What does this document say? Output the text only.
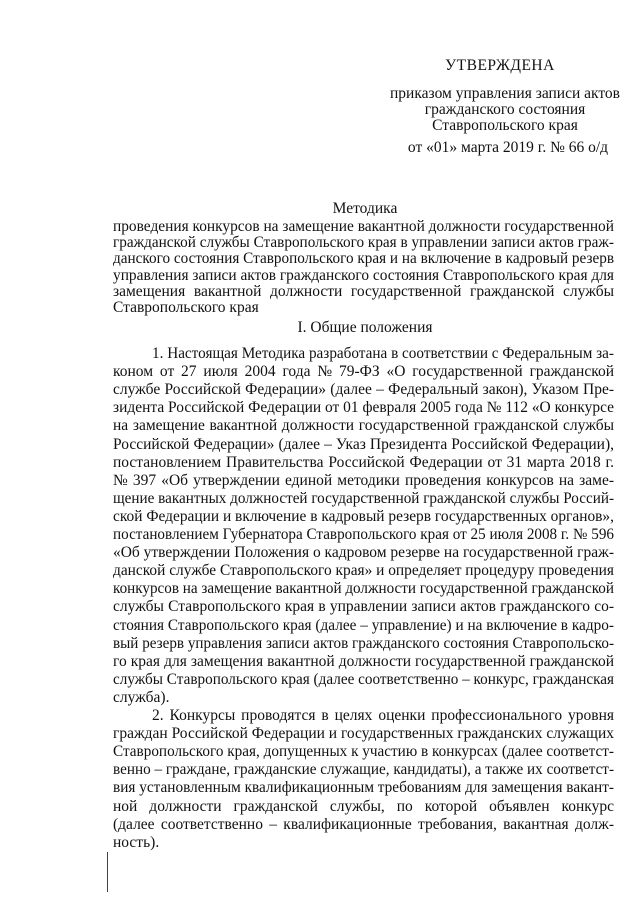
УТВЕРЖДЕНА
приказом управления записи актов
гражданского состояния
Ставропольского края
от «01» марта 2019 г. № 66 о/д
Методика
проведения конкурсов на замещение вакантной должности государственной
гражданской службы Ставропольского края в управлении записи актов граж-
данского состояния Ставропольского края и на включение в кадровый резерв
управления записи актов гражданского состояния Ставропольского края для
замещения вакантной должности государственной гражданской службы
Ставропольского края
I. Общие положения
1. Настоящая Методика разработана в соответствии с Федеральным за-
коном от 27 июля 2004 года № 79-ФЗ «О государственной гражданской
службе Российской Федерации» (далее – Федеральный закон), Указом Пре-
зидента Российской Федерации от 01 февраля 2005 года № 112 «О конкурсе
на замещение вакантной должности государственной гражданской службы
Российской Федерации» (далее – Указ Президента Российской Федерации),
постановлением Правительства Российской Федерации от 31 марта 2018 г.
№ 397 «Об утверждении единой методики проведения конкурсов на заме-
щение вакантных должностей государственной гражданской службы Россий-
ской Федерации и включение в кадровый резерв государственных органов»,
постановлением Губернатора Ставропольского края от 25 июля 2008 г. № 596
«Об утверждении Положения о кадровом резерве на государственной граж-
данской службе Ставропольского края» и определяет процедуру проведения
конкурсов на замещение вакантной должности государственной гражданской
службы Ставропольского края в управлении записи актов гражданского со-
стояния Ставропольского края (далее – управление) и на включение в кадро-
вый резерв управления записи актов гражданского состояния Ставропольско-
го края для замещения вакантной должности государственной гражданской
службы Ставропольского края (далее соответственно – конкурс, гражданская
служба).
2. Конкурсы проводятся в целях оценки профессионального уровня
граждан Российской Федерации и государственных гражданских служащих
Ставропольского края, допущенных к участию в конкурсах (далее соответст-
венно – граждане, гражданские служащие, кандидаты), а также их соответст-
вия установленным квалификационным требованиям для замещения вакант-
ной должности гражданской службы, по которой объявлен конкурс
(далее соответственно – квалификационные требования, вакантная долж-
ность).
